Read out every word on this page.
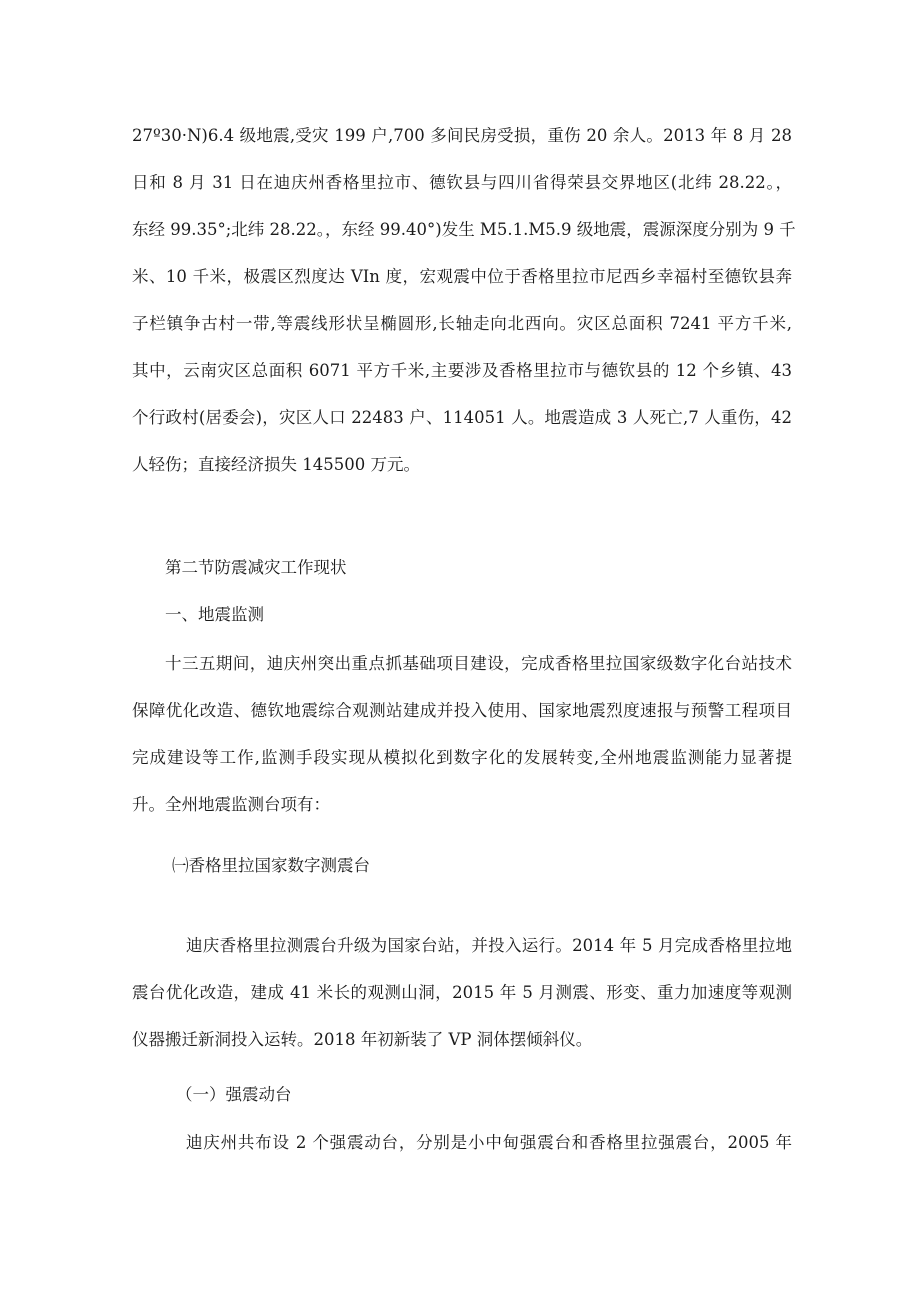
27º30·N)6.4 级地震,受灾 199 户,700 多间民房受损，重伤 20 余人。2013 年 8 月 28
日和 8 月 31 日在迪庆州香格里拉市、德钦县与四川省得荣县交界地区(北纬 28.22。，
东经 99.35°;北纬 28.22。，东经 99.40°)发生 M5.1.M5.9 级地震，震源深度分别为 9 千
米、10 千米，极震区烈度达 VIn 度，宏观震中位于香格里拉市尼西乡幸福村至德钦县奔
子栏镇争古村一带,等震线形状呈椭圆形,长轴走向北西向。灾区总面积 7241 平方千米,
其中，云南灾区总面积 6071 平方千米,主要涉及香格里拉市与德钦县的 12 个乡镇、43
个行政村(居委会)，灾区人口 22483 户、114051 人。地震造成 3 人死亡,7 人重伤，42
人轻伤；直接经济损失 145500 万元。
第二节防震减灾工作现状
一、地震监测
十三五期间，迪庆州突出重点抓基础项目建设，完成香格里拉国家级数字化台站技术
保障优化改造、德钦地震综合观测站建成并投入使用、国家地震烈度速报与预警工程项目
完成建设等工作,监测手段实现从模拟化到数字化的发展转变,全州地震监测能力显著提
升。全州地震监测台项有：
㈠香格里拉国家数字测震台
迪庆香格里拉测震台升级为国家台站，并投入运行。2014 年 5 月完成香格里拉地
震台优化改造，建成 41 米长的观测山洞，2015 年 5 月测震、形变、重力加速度等观测
仪器搬迁新洞投入运转。2018 年初新装了 VP 洞体摆倾斜仪。
（一）强震动台
迪庆州共布设 2 个强震动台，分别是小中甸强震台和香格里拉强震台，2005 年
